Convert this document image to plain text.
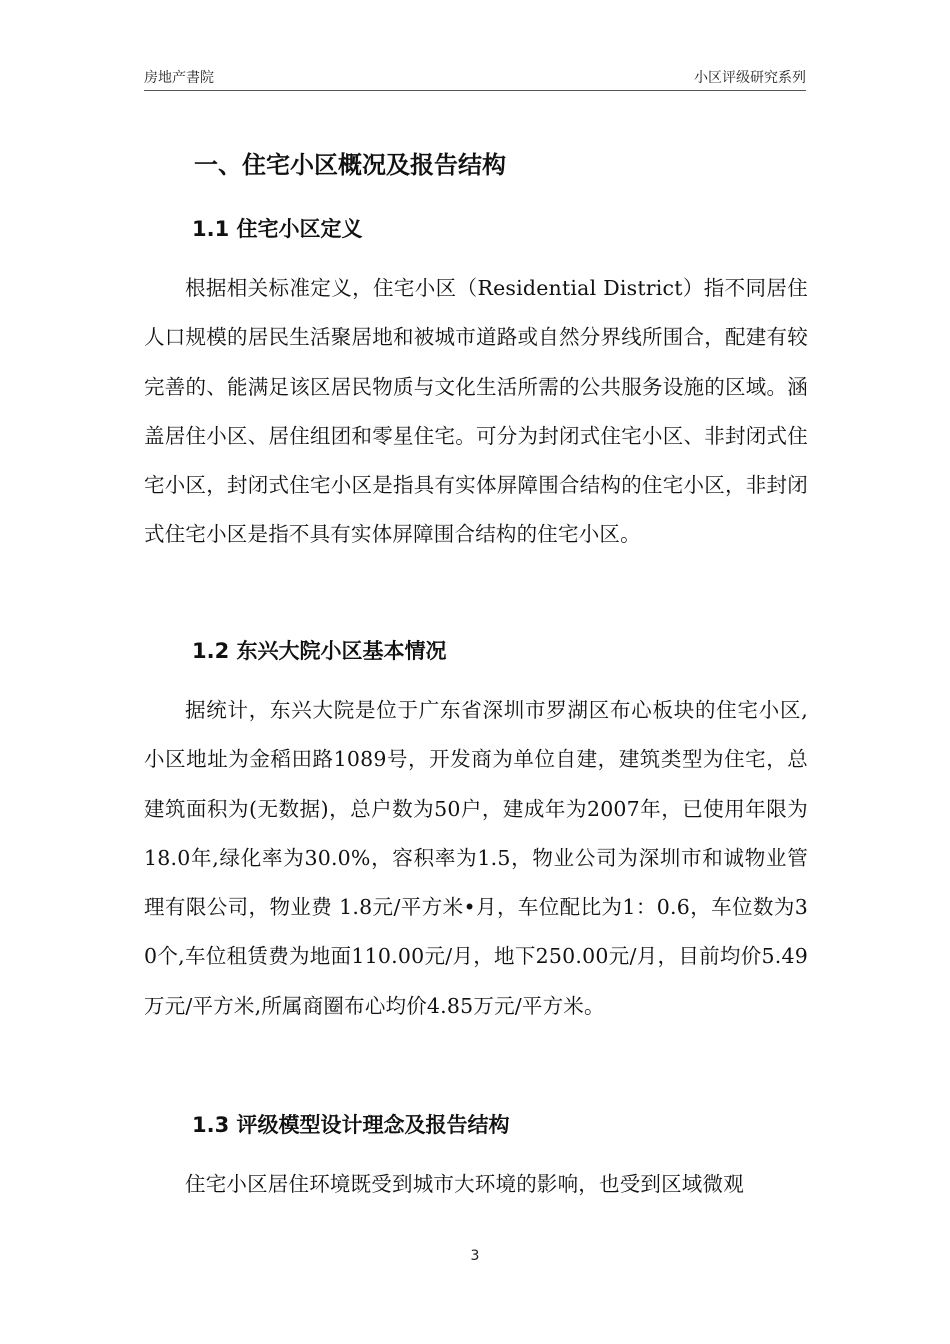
房地产書院	小区评级研究系列
一、住宅小区概况及报告结构
1.1 住宅小区定义
根据相关标准定义，住宅小区（Residential District）指不同居住人口规模的居民生活聚居地和被城市道路或自然分界线所围合，配建有较完善的、能满足该区居民物质与文化生活所需的公共服务设施的区域。涵盖居住小区、居住组团和零星住宅。可分为封闭式住宅小区、非封闭式住宅小区，封闭式住宅小区是指具有实体屏障围合结构的住宅小区，非封闭式住宅小区是指不具有实体屏障围合结构的住宅小区。
1.2 东兴大院小区基本情况
据统计，东兴大院是位于广东省深圳市罗湖区布心板块的住宅小区,小区地址为金稻田路1089号，开发商为单位自建，建筑类型为住宅，总建筑面积为(无数据)，总户数为50户，建成年为2007年，已使用年限为18.0年,绿化率为30.0%，容积率为1.5，物业公司为深圳市和诚物业管理有限公司，物业费 1.8元/平方米•月，车位配比为1：0.6，车位数为30个,车位租赁费为地面110.00元/月，地下250.00元/月，目前均价5.49万元/平方米,所属商圈布心均价4.85万元/平方米。
1.3 评级模型设计理念及报告结构
住宅小区居住环境既受到城市大环境的影响，也受到区域微观
3
